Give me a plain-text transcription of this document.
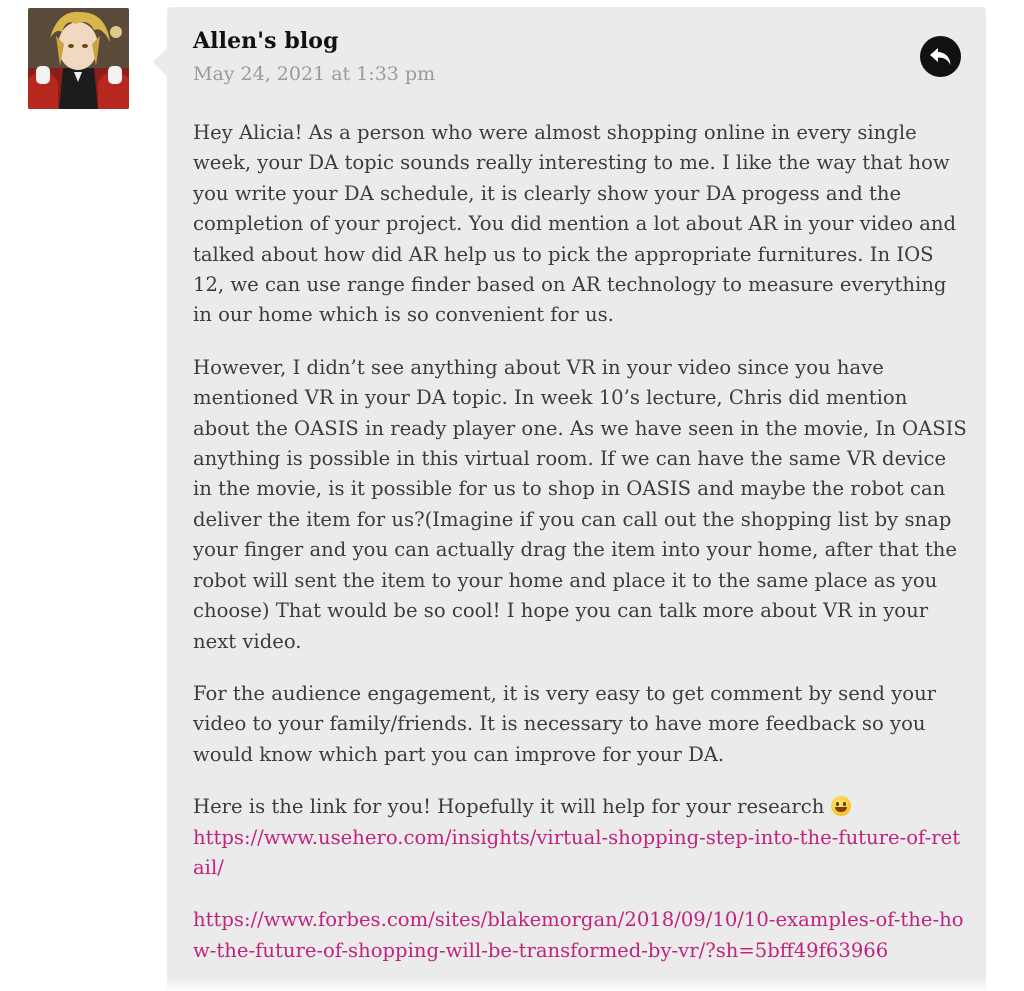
Allen's blog
May 24, 2021 at 1:33 pm

Hey Alicia! As a person who were almost shopping online in every single week, your DA topic sounds really interesting to me. I like the way that how you write your DA schedule, it is clearly show your DA progess and the completion of your project. You did mention a lot about AR in your video and talked about how did AR help us to pick the appropriate furnitures. In IOS 12, we can use range finder based on AR technology to measure everything in our home which is so convenient for us.

However, I didn’t see anything about VR in your video since you have mentioned VR in your DA topic. In week 10’s lecture, Chris did mention about the OASIS in ready player one. As we have seen in the movie, In OASIS anything is possible in this virtual room. If we can have the same VR device in the movie, is it possible for us to shop in OASIS and maybe the robot can deliver the item for us?(Imagine if you can call out the shopping list by snap your finger and you can actually drag the item into your home, after that the robot will sent the item to your home and place it to the same place as you choose) That would be so cool! I hope you can talk more about VR in your next video.

For the audience engagement, it is very easy to get comment by send your video to your family/friends. It is necessary to have more feedback so you would know which part you can improve for your DA.

Here is the link for you! Hopefully it will help for your research
https://www.usehero.com/insights/virtual-shopping-step-into-the-future-of-retail/

https://www.forbes.com/sites/blakemorgan/2018/09/10/10-examples-of-the-how-the-future-of-shopping-will-be-transformed-by-vr/?sh=5bff49f63966
